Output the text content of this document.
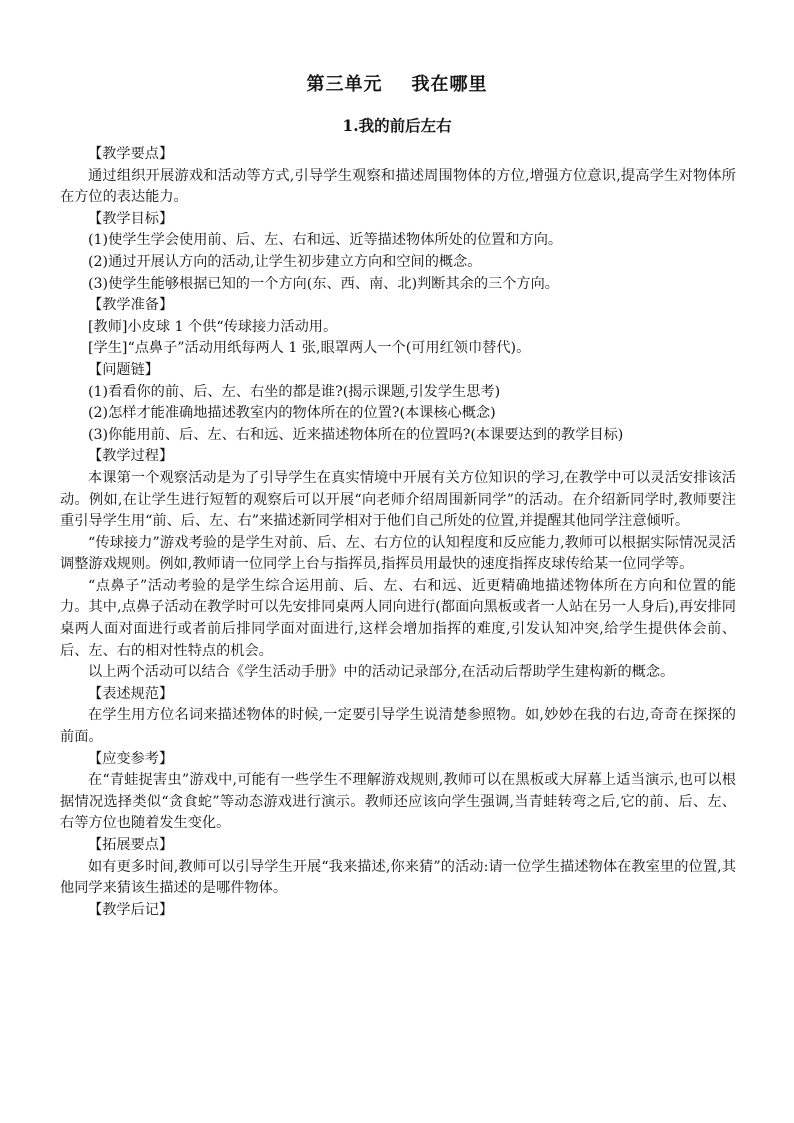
第三单元    我在哪里
1.我的前后左右
【教学要点】
通过组织开展游戏和活动等方式,引导学生观察和描述周围物体的方位,增强方位意识,提高学生对物体所在方位的表达能力。
【教学目标】
(1)使学生学会使用前、后、左、右和远、近等描述物体所处的位置和方向。
(2)通过开展认方向的活动,让学生初步建立方向和空间的概念。
(3)使学生能够根据已知的一个方向(东、西、南、北)判断其余的三个方向。
【教学准备】
[教师]小皮球 1 个供“传球接力活动用。
[学生]“点鼻子”活动用纸每两人 1 张,眼罩两人一个(可用红领巾替代)。
【问题链】
(1)看看你的前、后、左、右坐的都是谁?(揭示课题,引发学生思考)
(2)怎样才能准确地描述教室内的物体所在的位置?(本课核心概念)
(3)你能用前、后、左、右和远、近来描述物体所在的位置吗?(本课要达到的教学目标)
【教学过程】
本课第一个观察活动是为了引导学生在真实情境中开展有关方位知识的学习,在教学中可以灵活安排该活动。例如,在让学生进行短暂的观察后可以开展“向老师介绍周围新同学”的活动。在介绍新同学时,教师要注重引导学生用“前、后、左、右”来描述新同学相对于他们自己所处的位置,并提醒其他同学注意倾听。
“传球接力”游戏考验的是学生对前、后、左、右方位的认知程度和反应能力,教师可以根据实际情况灵活调整游戏规则。例如,教师请一位同学上台与指挥员,指挥员用最快的速度指挥皮球传给某一位同学等。
“点鼻子”活动考验的是学生综合运用前、后、左、右和远、近更精确地描述物体所在方向和位置的能力。其中,点鼻子活动在教学时可以先安排同桌两人同向进行(都面向黑板或者一人站在另一人身后),再安排同桌两人面对面进行或者前后排同学面对面进行,这样会增加指挥的难度,引发认知冲突,给学生提供体会前、后、左、右的相对性特点的机会。
以上两个活动可以结合《学生活动手册》中的活动记录部分,在活动后帮助学生建构新的概念。
【表述规范】
在学生用方位名词来描述物体的时候,一定要引导学生说清楚参照物。如,妙妙在我的右边,奇奇在探探的前面。
【应变参考】
在“青蛙捉害虫”游戏中,可能有一些学生不理解游戏规则,教师可以在黑板或大屏幕上适当演示,也可以根据情况选择类似“贪食蛇”等动态游戏进行演示。教师还应该向学生强调,当青蛙转弯之后,它的前、后、左、右等方位也随着发生变化。
【拓展要点】
如有更多时间,教师可以引导学生开展“我来描述,你来猜”的活动:请一位学生描述物体在教室里的位置,其他同学来猜该生描述的是哪件物体。
【教学后记】
